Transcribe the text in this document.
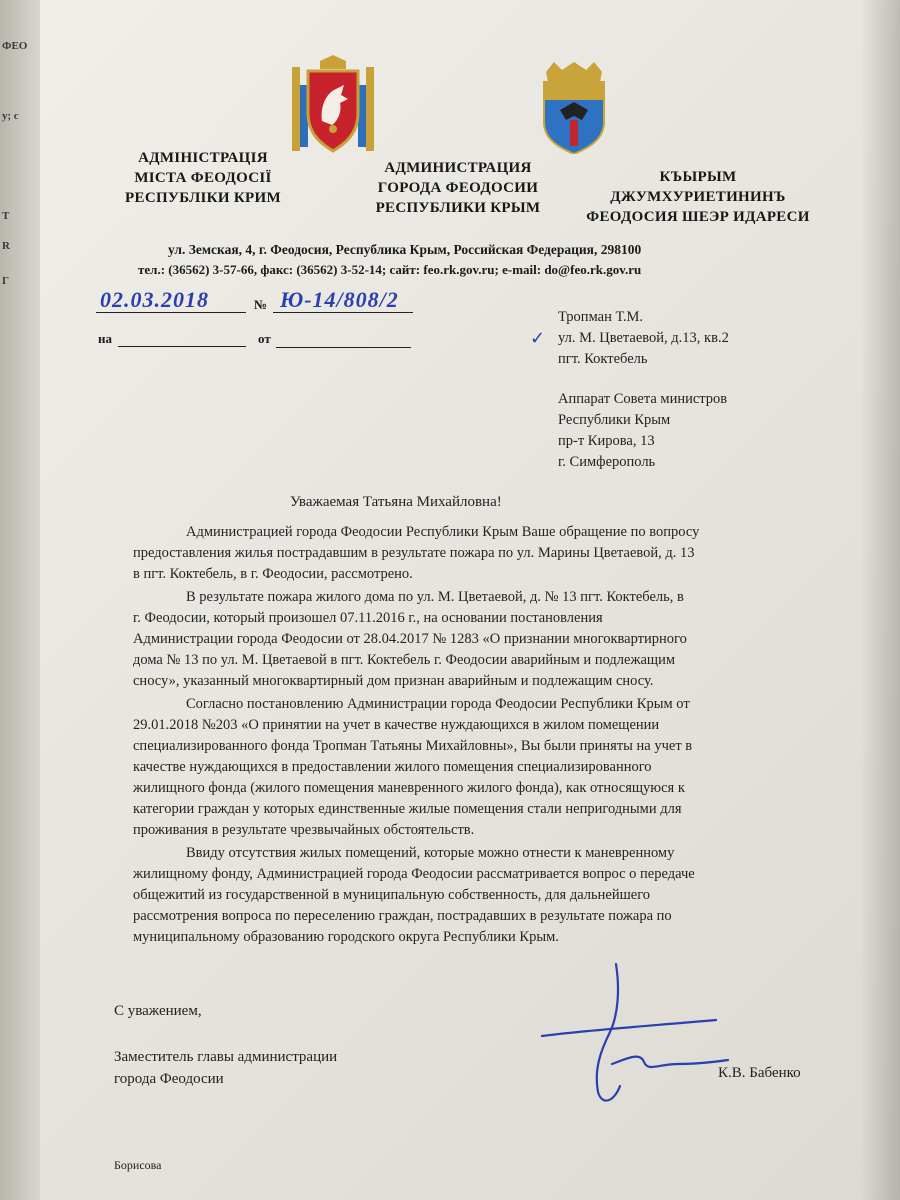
ФЕО
у; с
Т
R
Г
АДМІНІСТРАЦІЯ
МІСТА ФЕОДОСІЇ
РЕСПУБЛІКИ КРИМ
АДМИНИСТРАЦИЯ
ГОРОДА ФЕОДОСИИ
РЕСПУБЛИКИ КРЫМ
КЪЫРЫМ
ДЖУМХУРИЕТИНИНЪ
ФЕОДОСИЯ ШЕЭР ИДАРЕСИ
ул. Земская, 4, г. Феодосия, Республика Крым, Российская Федерация, 298100
тел.: (36562) 3-57-66, факс: (36562) 3-52-14; сайт: feo.rk.gov.ru; e-mail: do@feo.rk.gov.ru
02.03.2018	№ Ю-14/808/2
на	от	✓
Тропман Т.М.
ул. М. Цветаевой, д.13, кв.2
пгт. Коктебель
Аппарат Совета министров
Республики Крым
пр-т Кирова, 13
г. Симферополь
Уважаемая Татьяна Михайловна!
Администрацией города Феодосии Республики Крым Ваше обращение по вопросу
предоставления жилья пострадавшим в результате пожара по ул. Марины Цветаевой, д. 13
в пгт. Коктебель, в г. Феодосии, рассмотрено.
В результате пожара жилого дома по ул. М. Цветаевой, д. № 13 пгт. Коктебель, в
г. Феодосии, который произошел 07.11.2016 г., на основании постановления
Администрации города Феодосии от 28.04.2017 № 1283 «О признании многоквартирного
дома № 13 по ул. М. Цветаевой в пгт. Коктебель г. Феодосии аварийным и подлежащим
сносу», указанный многоквартирный дом признан аварийным и подлежащим сносу.
Согласно постановлению Администрации города Феодосии Республики Крым от
29.01.2018 №203 «О принятии на учет в качестве нуждающихся в жилом помещении
специализированного фонда Тропман Татьяны Михайловны», Вы были приняты на учет в
качестве нуждающихся в предоставлении жилого помещения специализированного
жилищного фонда (жилого помещения маневренного жилого фонда), как относящуюся к
категории граждан у которых единственные жилые помещения стали непригодными для
проживания в результате чрезвычайных обстоятельств.
Ввиду отсутствия жилых помещений, которые можно отнести к маневренному
жилищному фонду, Администрацией города Феодосии рассматривается вопрос о передаче
общежитий из государственной в муниципальную собственность, для дальнейшего
рассмотрения вопроса по переселению граждан, пострадавших в результате пожара по
муниципальному образованию городского округа Республики Крым.
С уважением,
Заместитель главы администрации
города Феодосии	К.В. Бабенко
Борисова
